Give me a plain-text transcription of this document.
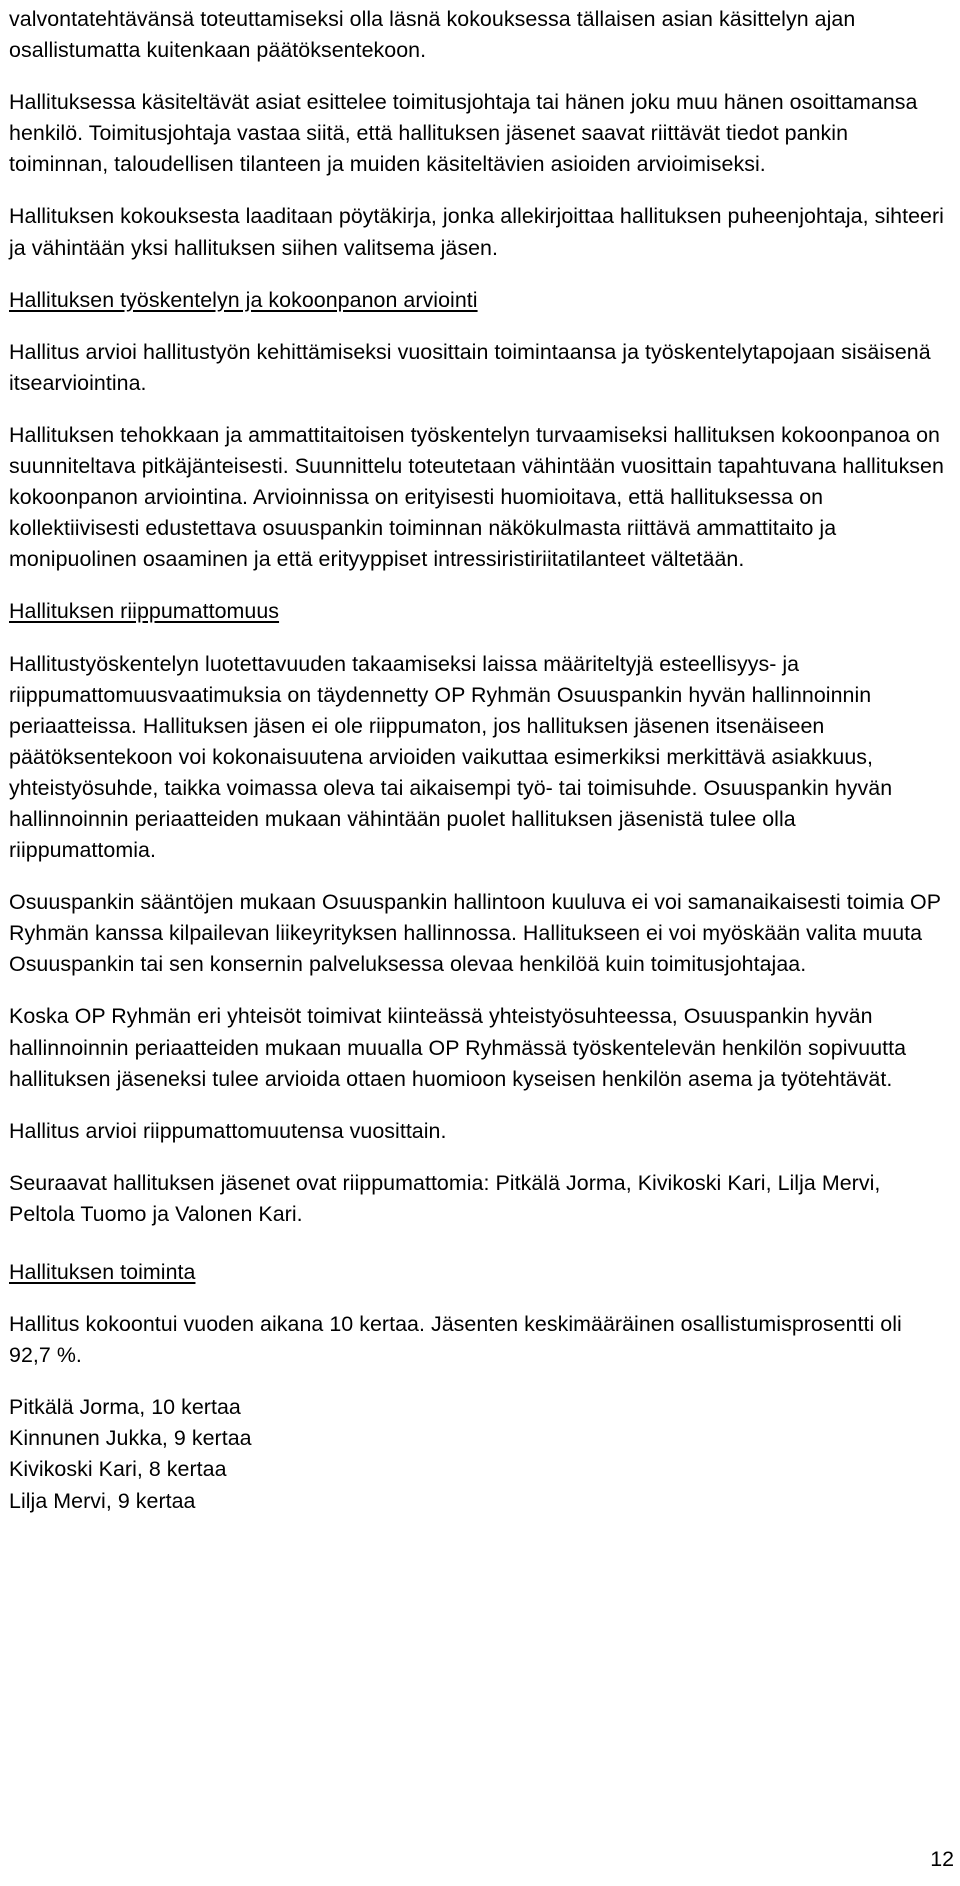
valvontatehtävänsä toteuttamiseksi olla läsnä kokouksessa tällaisen asian käsittelyn ajan osallistumatta kuitenkaan päätöksentekoon.

Hallituksessa käsiteltävät asiat esittelee toimitusjohtaja tai hänen joku muu hänen osoittamansa henkilö. Toimitusjohtaja vastaa siitä, että hallituksen jäsenet saavat riittävät tiedot pankin toiminnan, taloudellisen tilanteen ja muiden käsiteltävien asioiden arvioimiseksi.

Hallituksen kokouksesta laaditaan pöytäkirja, jonka allekirjoittaa hallituksen puheenjohtaja, sihteeri ja vähintään yksi hallituksen siihen valitsema jäsen.

Hallituksen työskentelyn ja kokoonpanon arviointi

Hallitus arvioi hallitustyön kehittämiseksi vuosittain toimintaansa ja työskentelytapojaan sisäisenä itsearviointina.

Hallituksen tehokkaan ja ammattitaitoisen työskentelyn turvaamiseksi hallituksen kokoonpanoa on suunniteltava pitkäjänteisesti. Suunnittelu toteutetaan vähintään vuosittain tapahtuvana hallituksen kokoonpanon arviointina. Arvioinnissa on erityisesti huomioitava, että hallituksessa on kollektiivisesti edustettava osuuspankin toiminnan näkökulmasta riittävä ammattitaito ja monipuolinen osaaminen ja että erityyppiset intressiristiriitatilanteet vältetään.

Hallituksen riippumattomuus

Hallitustyöskentelyn luotettavuuden takaamiseksi laissa määriteltyjä esteellisyys- ja riippumattomuusvaatimuksia on täydennetty OP Ryhmän Osuuspankin hyvän hallinnoinnin periaatteissa. Hallituksen jäsen ei ole riippumaton, jos hallituksen jäsenen itsenäiseen päätöksentekoon voi kokonaisuutena arvioiden vaikuttaa esimerkiksi merkittävä asiakkuus, yhteistyösuhde, taikka voimassa oleva tai aikaisempi työ- tai toimisuhde. Osuuspankin hyvän hallinnoinnin periaatteiden mukaan vähintään puolet hallituksen jäsenistä tulee olla riippumattomia.

Osuuspankin sääntöjen mukaan Osuuspankin hallintoon kuuluva ei voi samanaikaisesti toimia OP Ryhmän kanssa kilpailevan liikeyrityksen hallinnossa. Hallitukseen ei voi myöskään valita muuta Osuuspankin tai sen konsernin palveluksessa olevaa henkilöä kuin toimitusjohtajaa.

Koska OP Ryhmän eri yhteisöt toimivat kiinteässä yhteistyösuhteessa, Osuuspankin hyvän hallinnoinnin periaatteiden mukaan muualla OP Ryhmässä työskentelevän henkilön sopivuutta hallituksen jäseneksi tulee arvioida ottaen huomioon kyseisen henkilön asema ja työtehtävät.

Hallitus arvioi riippumattomuutensa vuosittain.

Seuraavat hallituksen jäsenet ovat riippumattomia: Pitkälä Jorma, Kivikoski Kari, Lilja Mervi, Peltola Tuomo ja Valonen Kari.

Hallituksen toiminta

Hallitus kokoontui vuoden aikana 10 kertaa. Jäsenten keskimääräinen osallistumisprosentti oli 92,7 %.

Pitkälä Jorma, 10 kertaa
Kinnunen Jukka, 9 kertaa
Kivikoski Kari, 8 kertaa
Lilja Mervi, 9 kertaa
12
